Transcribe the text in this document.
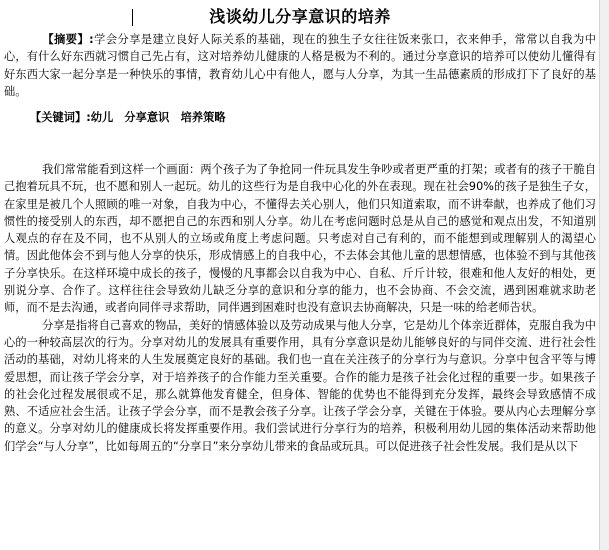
浅谈幼儿分享意识的培养
【摘要】:学会分享是建立良好人际关系的基础，现在的独生子女往往饭来张口，衣来伸手，常常以自我为中心，有什么好东西就习惯自己先占有，这对培养幼儿健康的人格是极为不利的。通过分享意识的培养可以使幼儿懂得有好东西大家一起分享是一种快乐的事情，教育幼儿心中有他人，愿与人分享，为其一生品德素质的形成打下了良好的基础。
【关键词】:幼儿　分享意识　培养策略
我们常常能看到这样一个画面：两个孩子为了争抢同一件玩具发生争吵或者更严重的打架；或者有的孩子干脆自己抱着玩具不玩，也不愿和别人一起玩。幼儿的这些行为是自我中心化的外在表现。现在社会90%的孩子是独生子女，在家里是被几个人照顾的唯一对象，自我为中心，不懂得去关心别人，他们只知道索取，而不讲奉献，也养成了他们习惯性的接受别人的东西，却不愿把自己的东西和别人分享。幼儿在考虑问题时总是从自己的感觉和观点出发，不知道别人观点的存在及不同，也不从别人的立场或角度上考虑问题。只考虑对自己有利的，而不能想到或理解别人的渴望心情。因此他体会不到与他人分享的快乐，形成情感上的自我中心，不去体会其他儿童的思想情感，也体验不到与其他孩子分享快乐。在这样环境中成长的孩子，慢慢的凡事都会以自我为中心、自私、斤斤计较，很难和他人友好的相处，更别说分享、合作了。这样往往会导致幼儿缺乏分享的意识和分享的能力，也不会协商、不会交流，遇到困难就求助老师，而不是去沟通，或者向同伴寻求帮助，同伴遇到困难时也没有意识去协商解决，只是一味的给老师告状。
分享是指将自己喜欢的物品，美好的情感体验以及劳动成果与他人分享，它是幼儿个体亲近群体，克服自我为中心的一种较高层次的行为。分享对幼儿的发展具有重要作用，具有分享意识是幼儿能够良好的与同伴交流、进行社会性活动的基础，对幼儿将来的人生发展奠定良好的基础。我们也一直在关注孩子的分享行为与意识。分享中包含平等与博爱思想，而让孩子学会分享，对于培养孩子的合作能力至关重要。合作的能力是孩子社会化过程的重要一步。如果孩子的社会化过程发展很或不足，那么就算他发育健全，但身体、智能的优势也不能得到充分发挥，最终会导致感情不成熟、不适应社会生活。让孩子学会分享，而不是教会孩子分享。让孩子学会分享，关键在于体验。要从内心去理解分享的意义。分享对幼儿的健康成长将发挥重要作用。我们尝试进行分享行为的培养，积极利用幼儿园的集体活动来帮助他们学会“与人分享”，比如每周五的“分享日”来分享幼儿带来的食品或玩具。可以促进孩子社会性发展。我们是从以下
